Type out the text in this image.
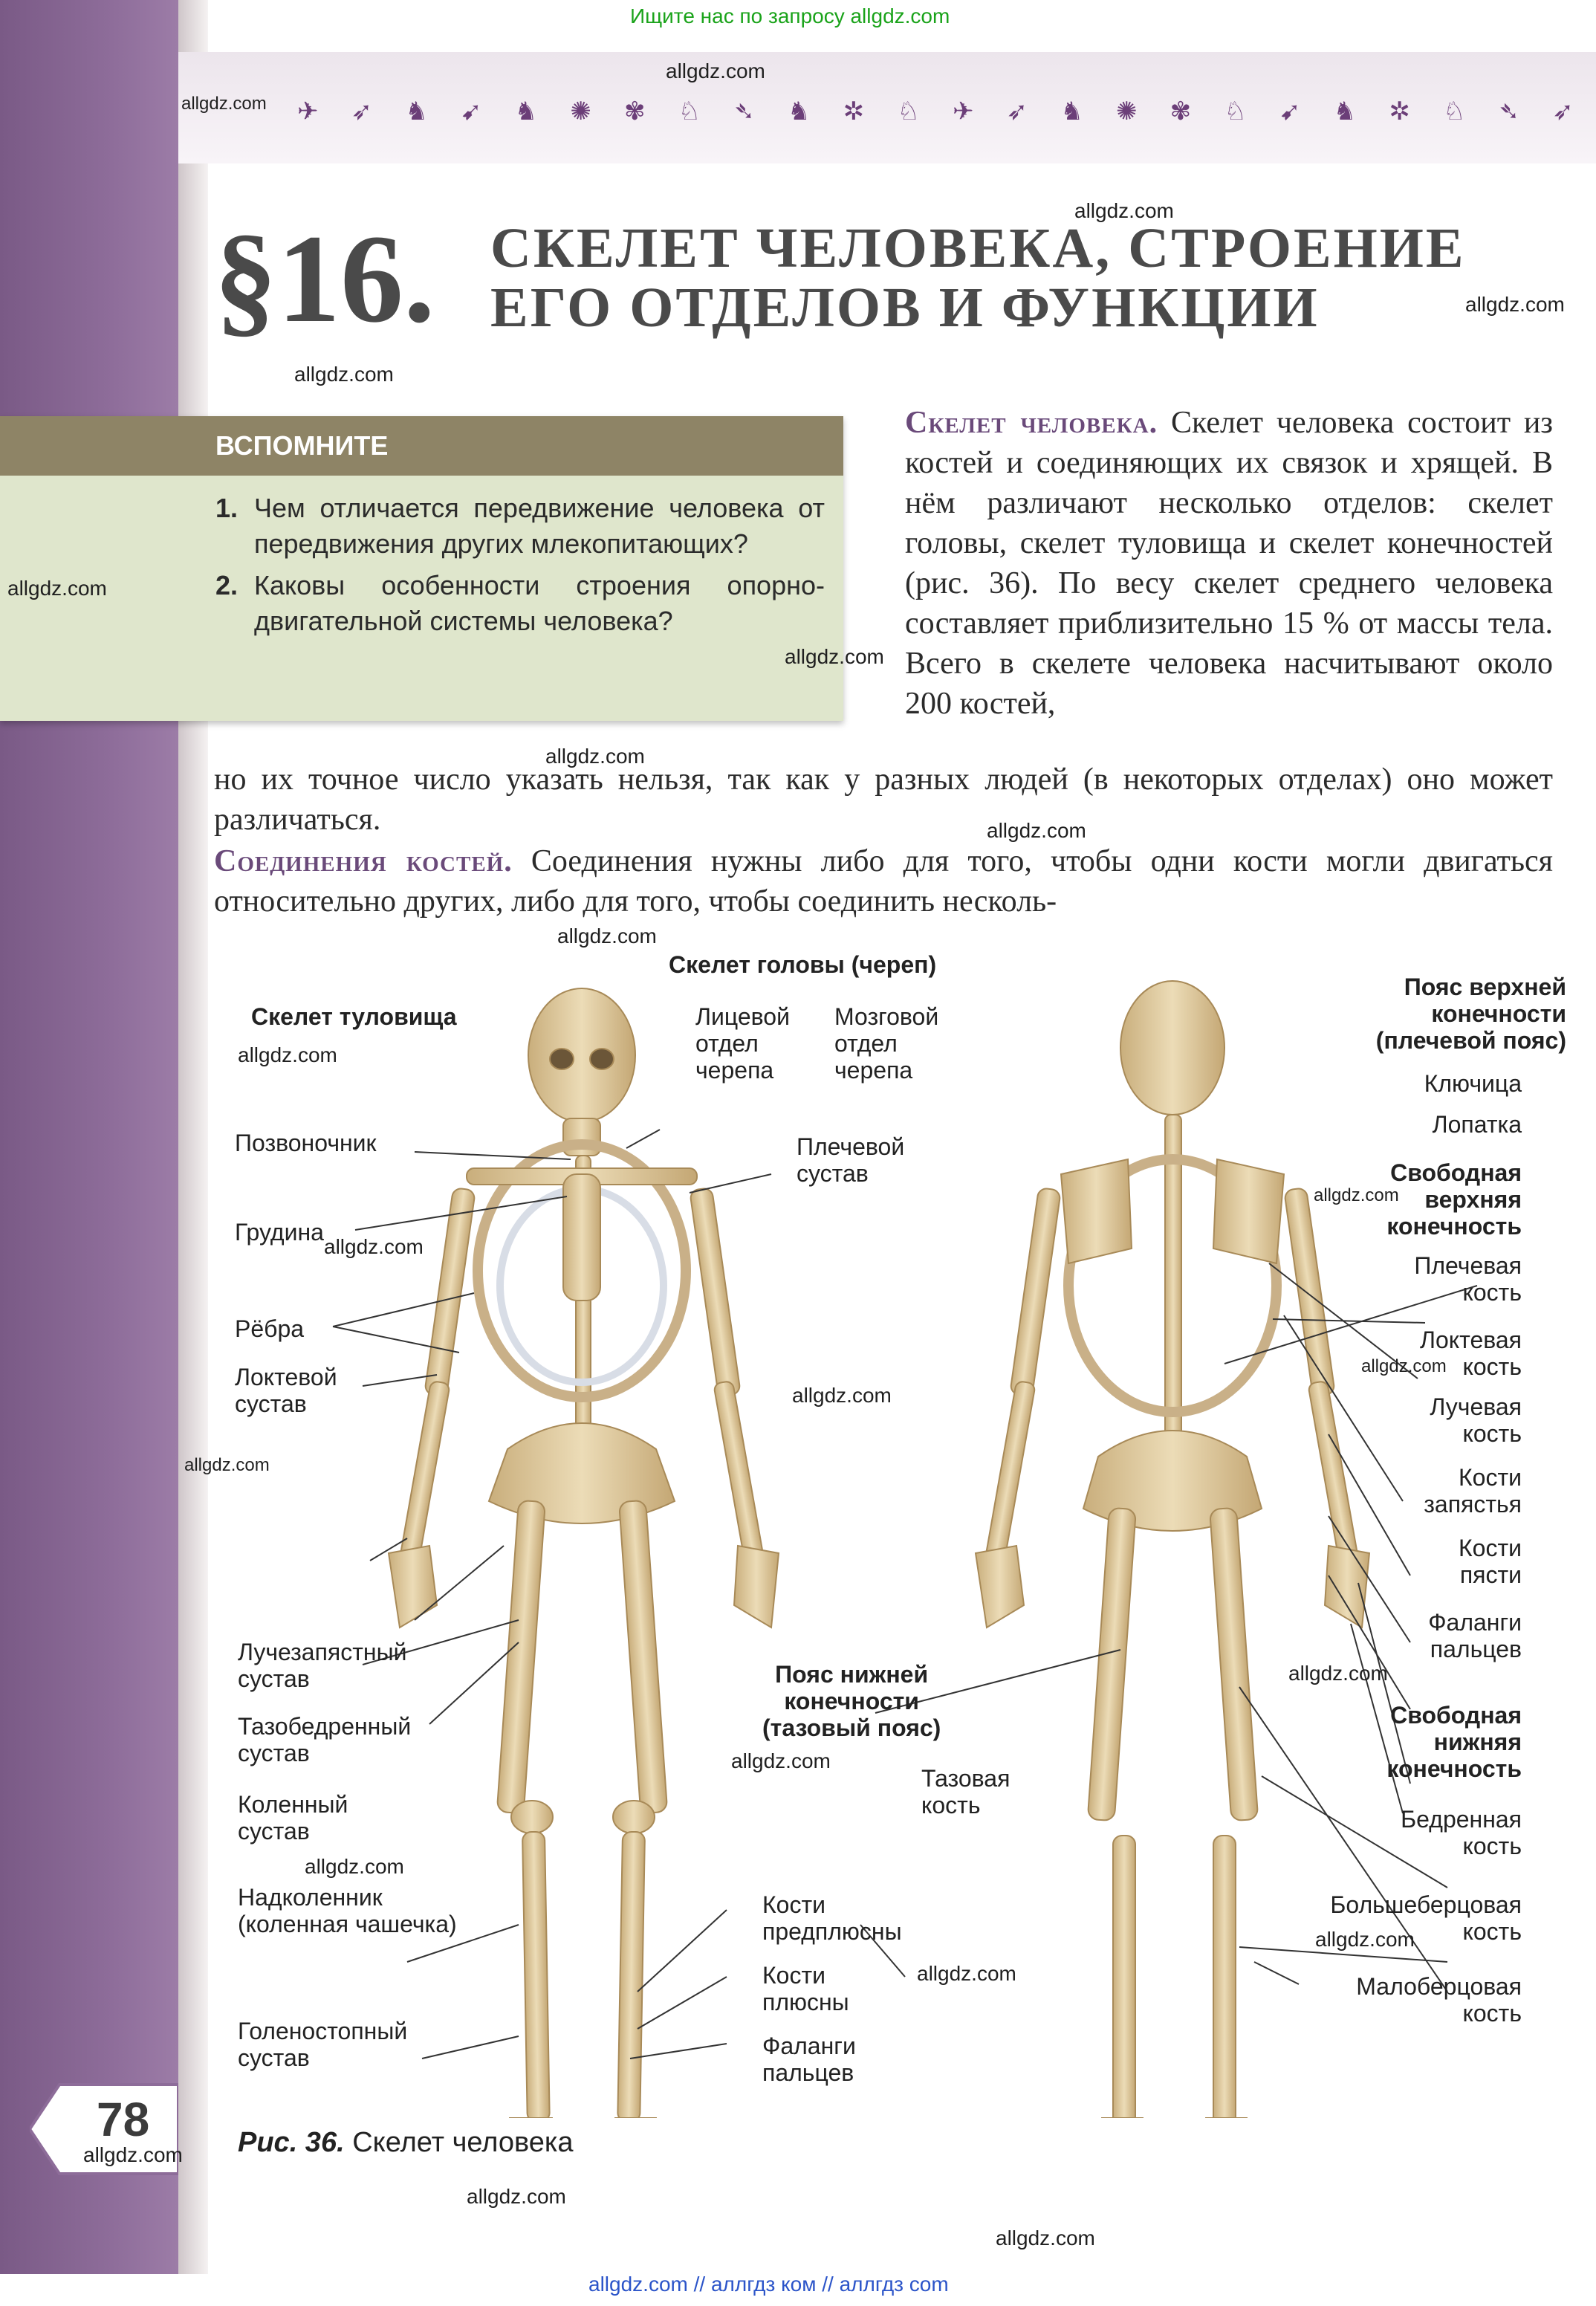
Ищите нас по запросу allgdz.com
✈ ➶ ♞ ➹ ♞ ✺ ✾ ♘ ➴ ♞ ✲ ♘ ✈ ➶ ♞ ✺ ✾ ♘ ➹ ♞ ✲ ♘ ➴ ➶
allgdz.com
allgdz.com
allgdz.com
allgdz.com
allgdz.com
§16. СКЕЛЕТ ЧЕЛОВЕКА, СТРОЕНИЕ
ЕГО ОТДЕЛОВ И ФУНКЦИИ
ВСПОМНИТЕ
1. Чем отличается передвижение человека от передвижения других млекопитающих?
2. Каковы особенности строения опорно-двигательной системы человека?
allgdz.com
allgdz.com
Скелет человека. Скелет человека состоит из костей и соединяющих их связок и хрящей. В нём различают несколько отделов: скелет головы, скелет туловища и скелет конечностей (рис. 36). По весу скелет среднего человека составляет приблизительно 15 % от массы тела. Всего в скелете человека насчитывают около 200 костей,
allgdz.com
но их точное число указать нельзя, так как у разных людей (в некоторых отделах) оно может различаться.	allgdz.com
Соединения костей. Соединения нужны либо для того, чтобы одни кости могли двигаться относительно других, либо для того, чтобы соединить несколь-
Скелет головы (череп)
Скелет туловища	Лицевой
отдел
черепа
Мозговой
отдел
черепа
Позвоночник	Плечевой
сустав
Грудина
Рёбра
Локтевой
сустав
Лучезапястный
сустав
Тазобедренный
сустав
Коленный
сустав
Надколенник
(коленная чашечка)
Голеностопный
сустав
Пояс нижней
конечности
(тазовый пояс)
Тазовая
кость
Кости
предплюсны
Кости
плюсны
Фаланги
пальцев
Пояс верхней
конечности
(плечевой пояс)
Ключица
Лопатка
Свободная
верхняя
конечность
Плечевая
кость
Локтевая
кость
Лучевая
кость
Кости
запястья
Кости
пясти
Фаланги
пальцев
Свободная
нижняя
конечность
Бедренная
кость
Большеберцовая
кость
Малоберцовая
кость
allgdz.com
allgdz.com
allgdz.com
allgdz.com
allgdz.com
allgdz.com
allgdz.com
allgdz.com
allgdz.com
allgdz.com
allgdz.com
allgdz.com
78
allgdz.com Рис. 36. Скелет человека
allgdz.com
allgdz.com
allgdz.com // аллгдз ком // аллгдз com
